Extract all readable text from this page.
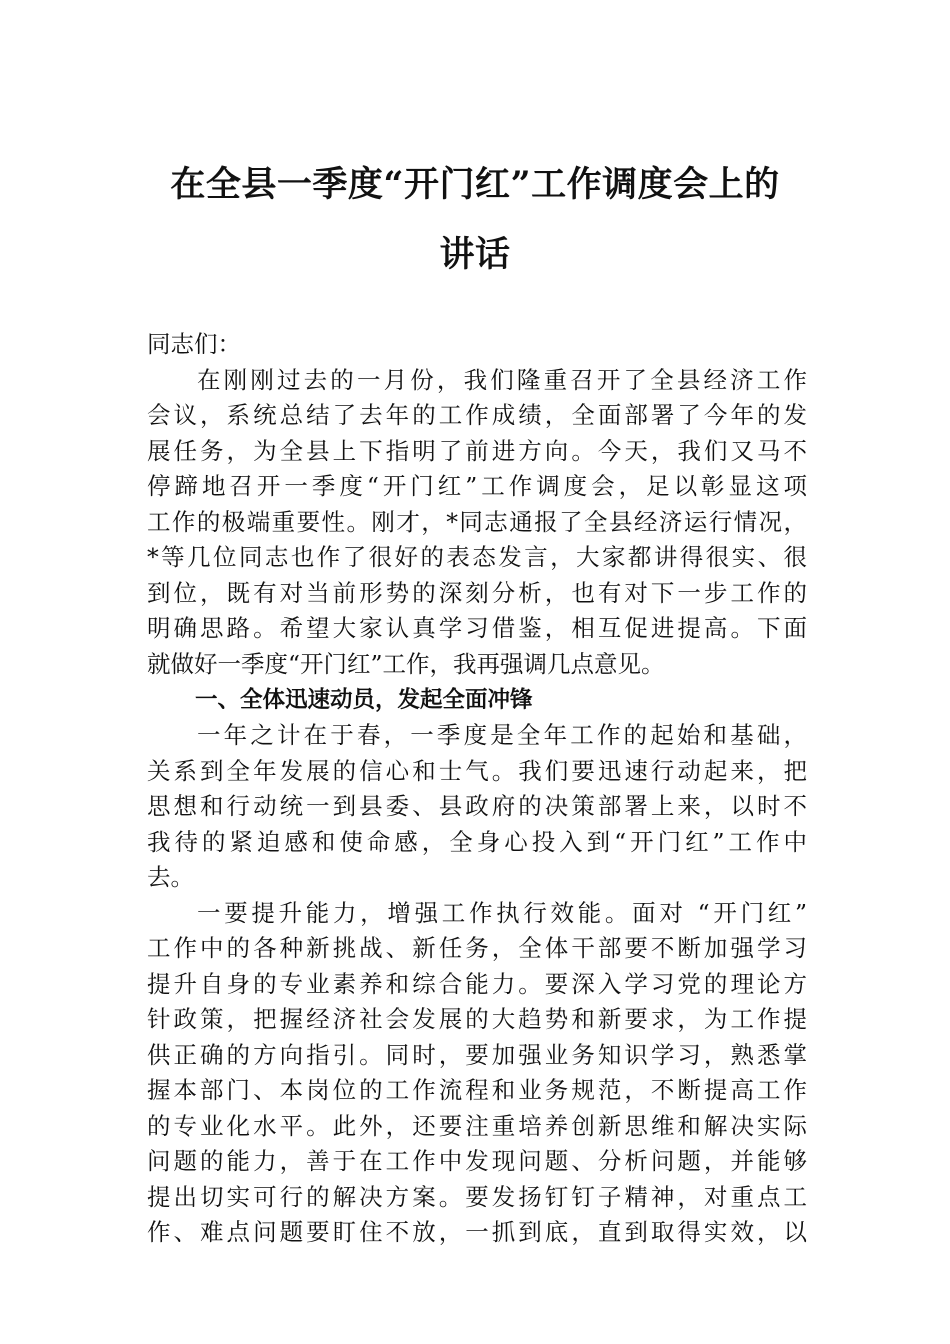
在全县一季度“开门红”工作调度会上的
讲话
同志们：
在刚刚过去的一月份，我们隆重召开了全县经济工作
会议，系统总结了去年的工作成绩，全面部署了今年的发
展任务，为全县上下指明了前进方向。今天，我们又马不
停蹄地召开一季度“开门红”工作调度会，足以彰显这项
工作的极端重要性。刚才，*同志通报了全县经济运行情况，
*等几位同志也作了很好的表态发言，大家都讲得很实、很
到位，既有对当前形势的深刻分析，也有对下一步工作的
明确思路。希望大家认真学习借鉴，相互促进提高。下面
就做好一季度“开门红”工作，我再强调几点意见。
一、全体迅速动员，发起全面冲锋
一年之计在于春，一季度是全年工作的起始和基础，
关系到全年发展的信心和士气。我们要迅速行动起来，把
思想和行动统一到县委、县政府的决策部署上来，以时不
我待的紧迫感和使命感，全身心投入到“开门红”工作中
去。
一要提升能力，增强工作执行效能。面对 “开门红”
工作中的各种新挑战、新任务，全体干部要不断加强学习
提升自身的专业素养和综合能力。要深入学习党的理论方
针政策，把握经济社会发展的大趋势和新要求，为工作提
供正确的方向指引。同时，要加强业务知识学习，熟悉掌
握本部门、本岗位的工作流程和业务规范，不断提高工作
的专业化水平。此外，还要注重培养创新思维和解决实际
问题的能力，善于在工作中发现问题、分析问题，并能够
提出切实可行的解决方案。要发扬钉钉子精神，对重点工
作、难点问题要盯住不放，一抓到底，直到取得实效，以
